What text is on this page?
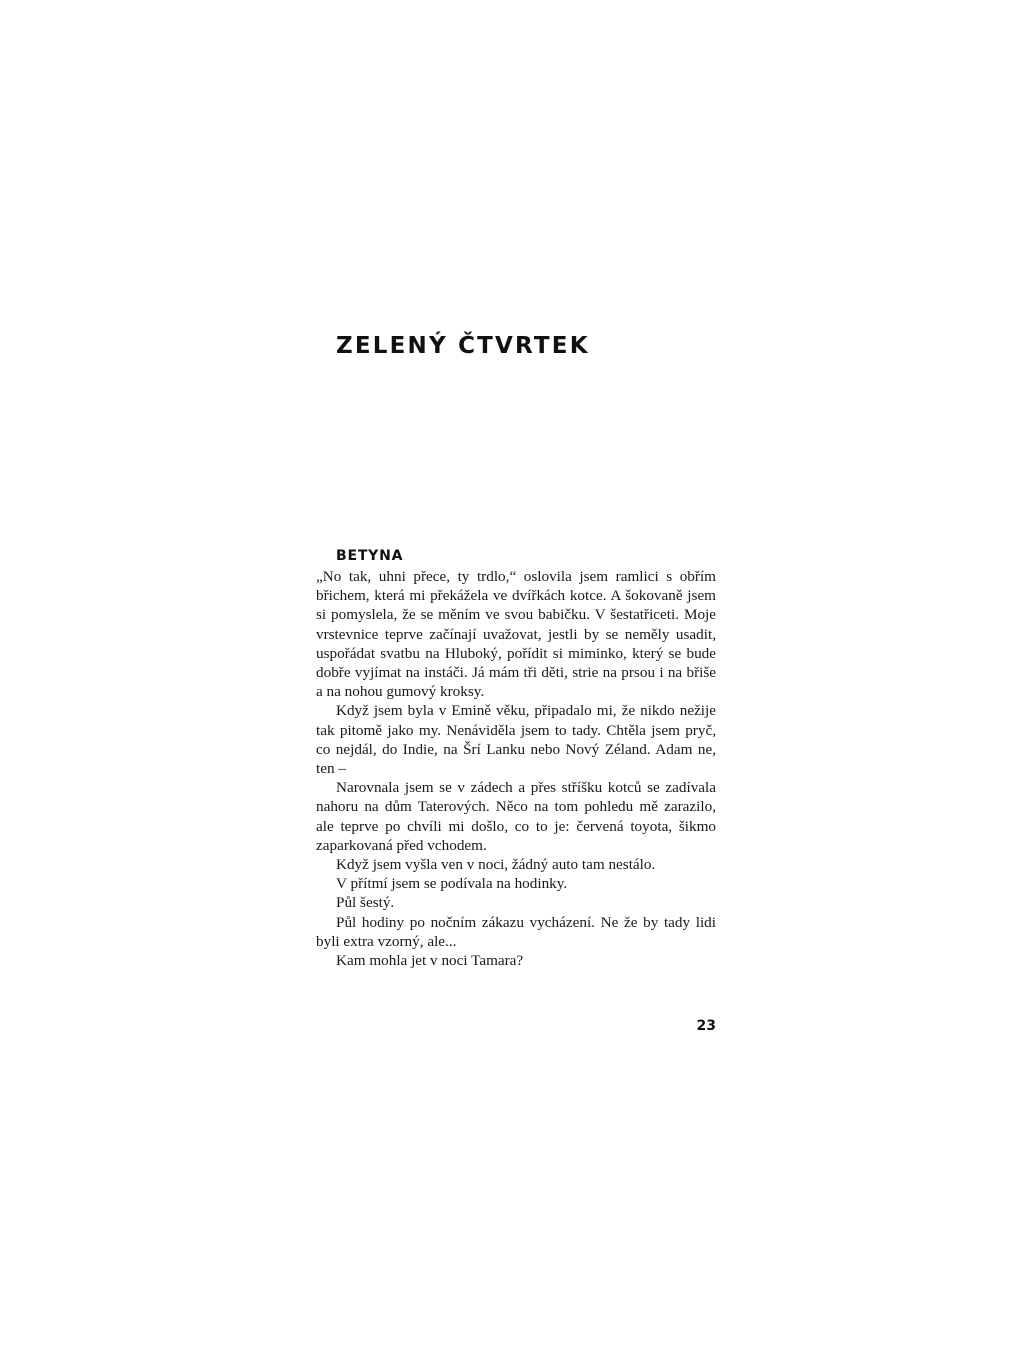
ZELENÝ ČTVRTEK
BETYNA

„No tak, uhni přece, ty trdlo,“ oslovila jsem ramlici s obřím břichem, která mi překážela ve dvířkách kotce. A šokovaně jsem si pomyslela, že se měním ve svou babičku. V šestatřiceti. Moje vrstevnice teprve začínají uvažovat, jestli by se neměly usadit, uspořádat svatbu na Hluboký, pořídit si miminko, který se bude dobře vyjímat na instáči. Já mám tři děti, strie na prsou i na břiše a na nohou gumový kroksy.

Když jsem byla v Emině věku, připadalo mi, že nikdo nežije tak pitomě jako my. Nenáviděla jsem to tady. Chtěla jsem pryč, co nejdál, do Indie, na Šrí Lanku nebo Nový Zéland. Adam ne, ten –

Narovnala jsem se v zádech a přes stříšku kotců se zadívala nahoru na dům Taterových. Něco na tom pohledu mě zarazilo, ale teprve po chvíli mi došlo, co to je: červená toyota, šikmo zaparkovaná před vchodem.

Když jsem vyšla ven v noci, žádný auto tam nestálo.

V přítmí jsem se podívala na hodinky.

Půl šestý.

Půl hodiny po nočním zákazu vycházení. Ne že by tady lidi byli extra vzorný, ale...

Kam mohla jet v noci Tamara?

23
